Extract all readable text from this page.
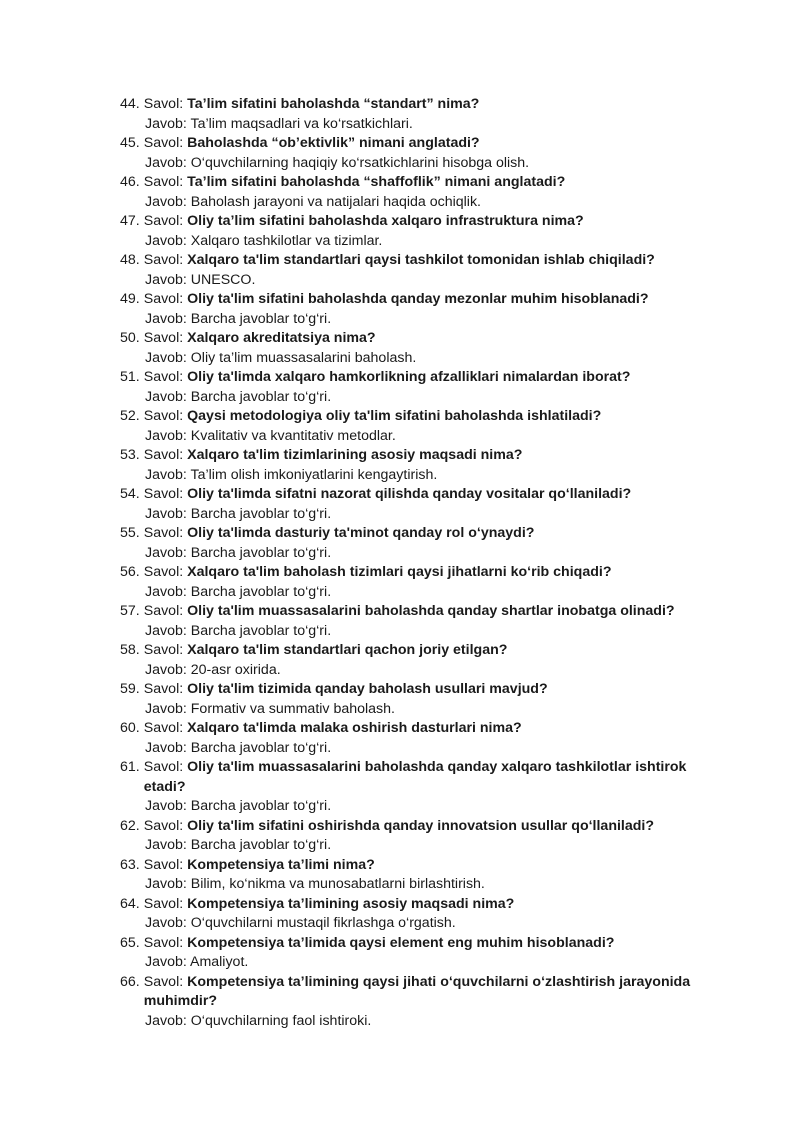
44. Savol: Ta’lim sifatini baholashda “standart” nima?
Javob: Ta’lim maqsadlari va ko‘rsatkichlari.
45. Savol: Baholashda “ob’ektivlik” nimani anglatadi?
Javob: O‘quvchilarning haqiqiy ko‘rsatkichlarini hisobga olish.
46. Savol: Ta’lim sifatini baholashda “shaffoflik” nimani anglatadi?
Javob: Baholash jarayoni va natijalari haqida ochiqlik.
47. Savol: Oliy ta’lim sifatini baholashda xalqaro infrastruktura nima?
Javob: Xalqaro tashkilotlar va tizimlar.
48. Savol: Xalqaro ta'lim standartlari qaysi tashkilot tomonidan ishlab chiqiladi?
Javob: UNESCO.
49. Savol: Oliy ta'lim sifatini baholashda qanday mezonlar muhim hisoblanadi?
Javob: Barcha javoblar to‘g‘ri.
50. Savol: Xalqaro akreditatsiya nima?
Javob: Oliy ta’lim muassasalarini baholash.
51. Savol: Oliy ta'limda xalqaro hamkorlikning afzalliklari nimalardan iborat?
Javob: Barcha javoblar to‘g‘ri.
52. Savol: Qaysi metodologiya oliy ta'lim sifatini baholashda ishlatiladi?
Javob: Kvalitativ va kvantitativ metodlar.
53. Savol: Xalqaro ta'lim tizimlarining asosiy maqsadi nima?
Javob: Ta’lim olish imkoniyatlarini kengaytirish.
54. Savol: Oliy ta'limda sifatni nazorat qilishda qanday vositalar qo‘llaniladi?
Javob: Barcha javoblar to‘g‘ri.
55. Savol: Oliy ta'limda dasturiy ta'minot qanday rol o‘ynaydi?
Javob: Barcha javoblar to‘g‘ri.
56. Savol: Xalqaro ta'lim baholash tizimlari qaysi jihatlarni ko‘rib chiqadi?
Javob: Barcha javoblar to‘g‘ri.
57. Savol: Oliy ta'lim muassasalarini baholashda qanday shartlar inobatga olinadi?
Javob: Barcha javoblar to‘g‘ri.
58. Savol: Xalqaro ta'lim standartlari qachon joriy etilgan?
Javob: 20-asr oxirida.
59. Savol: Oliy ta'lim tizimida qanday baholash usullari mavjud?
Javob: Formativ va summativ baholash.
60. Savol: Xalqaro ta'limda malaka oshirish dasturlari nima?
Javob: Barcha javoblar to‘g‘ri.
61. Savol: Oliy ta'lim muassasalarini baholashda qanday xalqaro tashkilotlar ishtirok etadi?
Javob: Barcha javoblar to‘g‘ri.
62. Savol: Oliy ta'lim sifatini oshirishda qanday innovatsion usullar qo‘llaniladi?
Javob: Barcha javoblar to‘g‘ri.
63. Savol: Kompetensiya ta’limi nima?
Javob: Bilim, ko‘nikma va munosabatlarni birlashtirish.
64. Savol: Kompetensiya ta’limining asosiy maqsadi nima?
Javob: O‘quvchilarni mustaqil fikrlashga o‘rgatish.
65. Savol: Kompetensiya ta’limida qaysi element eng muhim hisoblanadi?
Javob: Amaliyot.
66. Savol: Kompetensiya ta’limining qaysi jihati o‘quvchilarni o‘zlashtirish jarayonida muhimdir?
Javob: O‘quvchilarning faol ishtiroki.
